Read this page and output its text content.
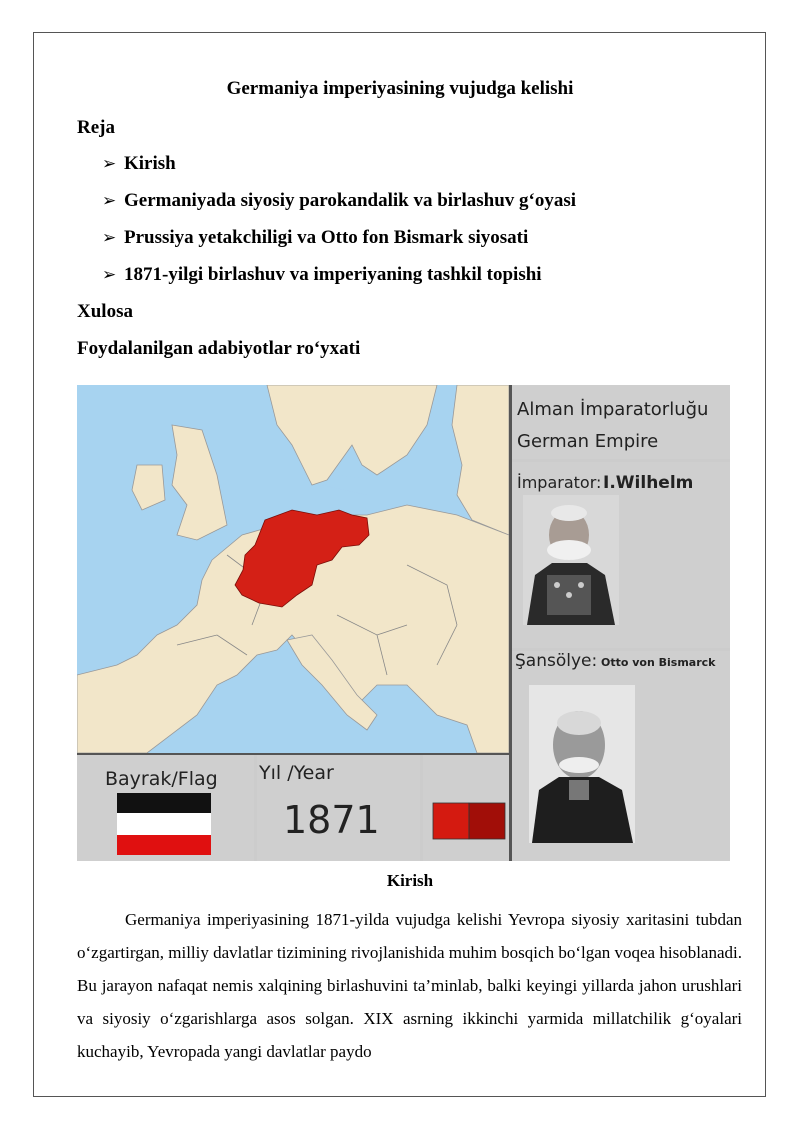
Germaniya imperiyasining vujudga kelishi
Reja
➢ Kirish
➢ Germaniyada siyosiy parokandalik va birlashuv g‘oyasi
➢ Prussiya yetakchiligi va Otto fon Bismark siyosati
➢ 1871-yilgi birlashuv va imperiyaning tashkil topishi
Xulosa
Foydalanilgan adabiyotlar ro‘yxati
Alman İmparatorluğu
German Empire
İmparator: I.Wilhelm
Şansölye: Otto von Bismarck
Bayrak/Flag Yıl /Year
1871
Kirish
Germaniya imperiyasining 1871-yilda vujudga kelishi Yevropa siyosiy xaritasini tubdan o‘zgartirgan, milliy davlatlar tizimining rivojlanishida muhim bosqich bo‘lgan voqea hisoblanadi. Bu jarayon nafaqat nemis xalqining birlashuvini ta’minlab, balki keyingi yillarda jahon urushlari va siyosiy o‘zgarishlarga asos solgan. XIX asrning ikkinchi yarmida millatchilik g‘oyalari kuchayib, Yevropada yangi davlatlar paydo
